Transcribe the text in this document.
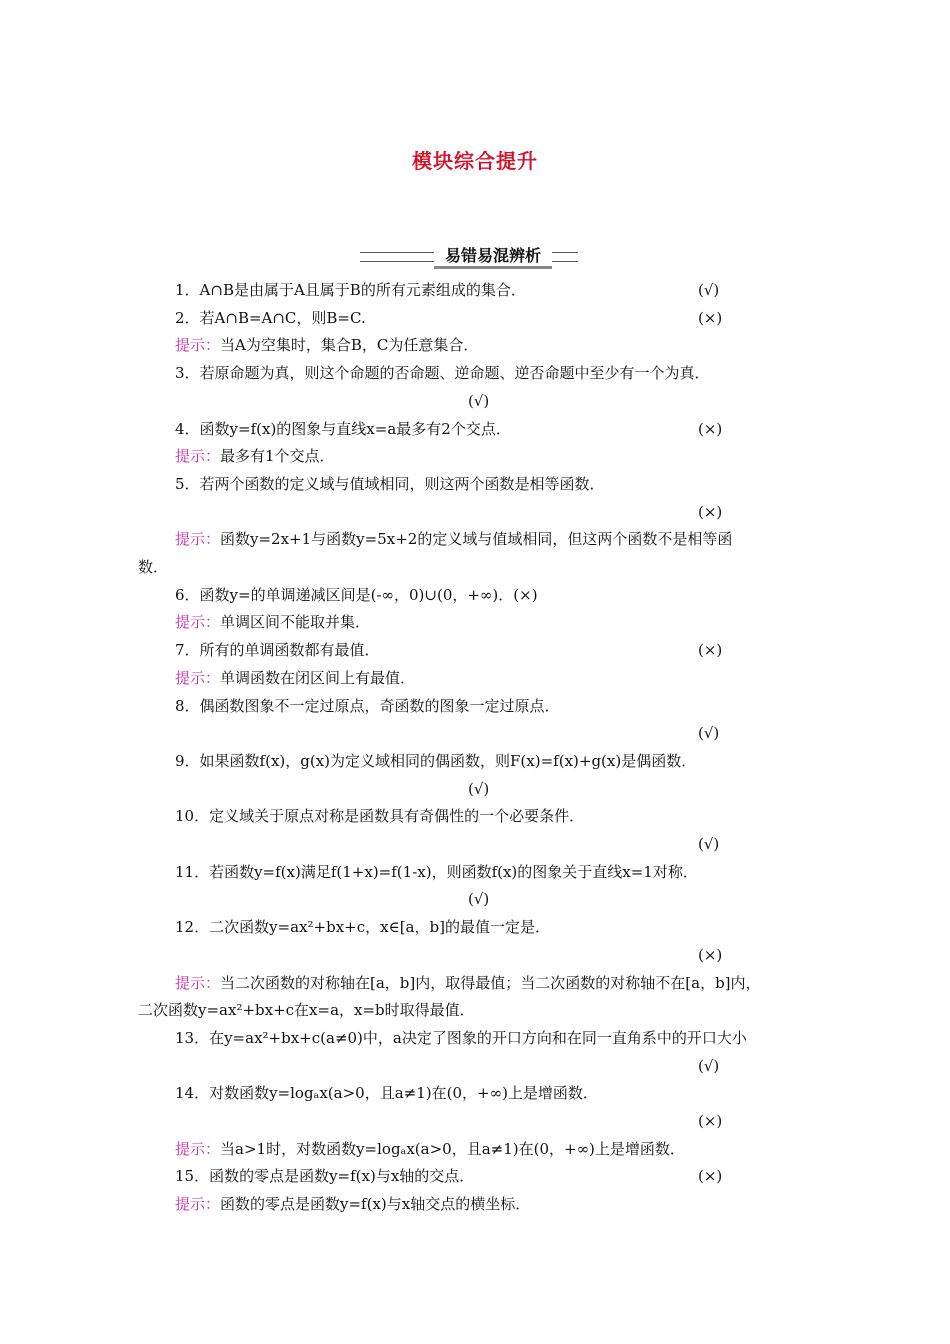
模块综合提升
易错易混辨析
1．A∩B是由属于A且属于B的所有元素组成的集合．	(√)
2．若A∩B=A∩C，则B=C.	(×)
提示：当A为空集时，集合B，C为任意集合．
3．若原命题为真，则这个命题的否命题、逆命题、逆否命题中至少有一个为真．
(√)
4．函数y=f(x)的图象与直线x=a最多有2个交点．	(×)
提示：最多有1个交点．
5．若两个函数的定义域与值域相同，则这两个函数是相等函数．
(×)
提示：函数y=2x+1与函数y=5x+2的定义域与值域相同，但这两个函数不是相等函
数．
6．函数y=的单调递减区间是(-∞，0)∪(0，+∞)．(×)
提示：单调区间不能取并集．
7．所有的单调函数都有最值．	(×)
提示：单调函数在闭区间上有最值．
8．偶函数图象不一定过原点，奇函数的图象一定过原点．
(√)
9．如果函数f(x)，g(x)为定义域相同的偶函数，则F(x)=f(x)+g(x)是偶函数．
(√)
10．定义域关于原点对称是函数具有奇偶性的一个必要条件．
(√)
11．若函数y=f(x)满足f(1+x)=f(1-x)，则函数f(x)的图象关于直线x=1对称．
(√)
12．二次函数y=ax²+bx+c，x∈[a，b]的最值一定是．
(×)
提示：当二次函数的对称轴在[a，b]内，取得最值；当二次函数的对称轴不在[a，b]内，
二次函数y=ax²+bx+c在x=a，x=b时取得最值．
13．在y=ax²+bx+c(a≠0)中，a决定了图象的开口方向和在同一直角系中的开口大小
(√)
14．对数函数y=logₐx(a>0，且a≠1)在(0，+∞)上是增函数．
(×)
提示：当a>1时，对数函数y=logₐx(a>0，且a≠1)在(0，+∞)上是增函数．
15．函数的零点是函数y=f(x)与x轴的交点．	(×)
提示：函数的零点是函数y=f(x)与x轴交点的横坐标．
